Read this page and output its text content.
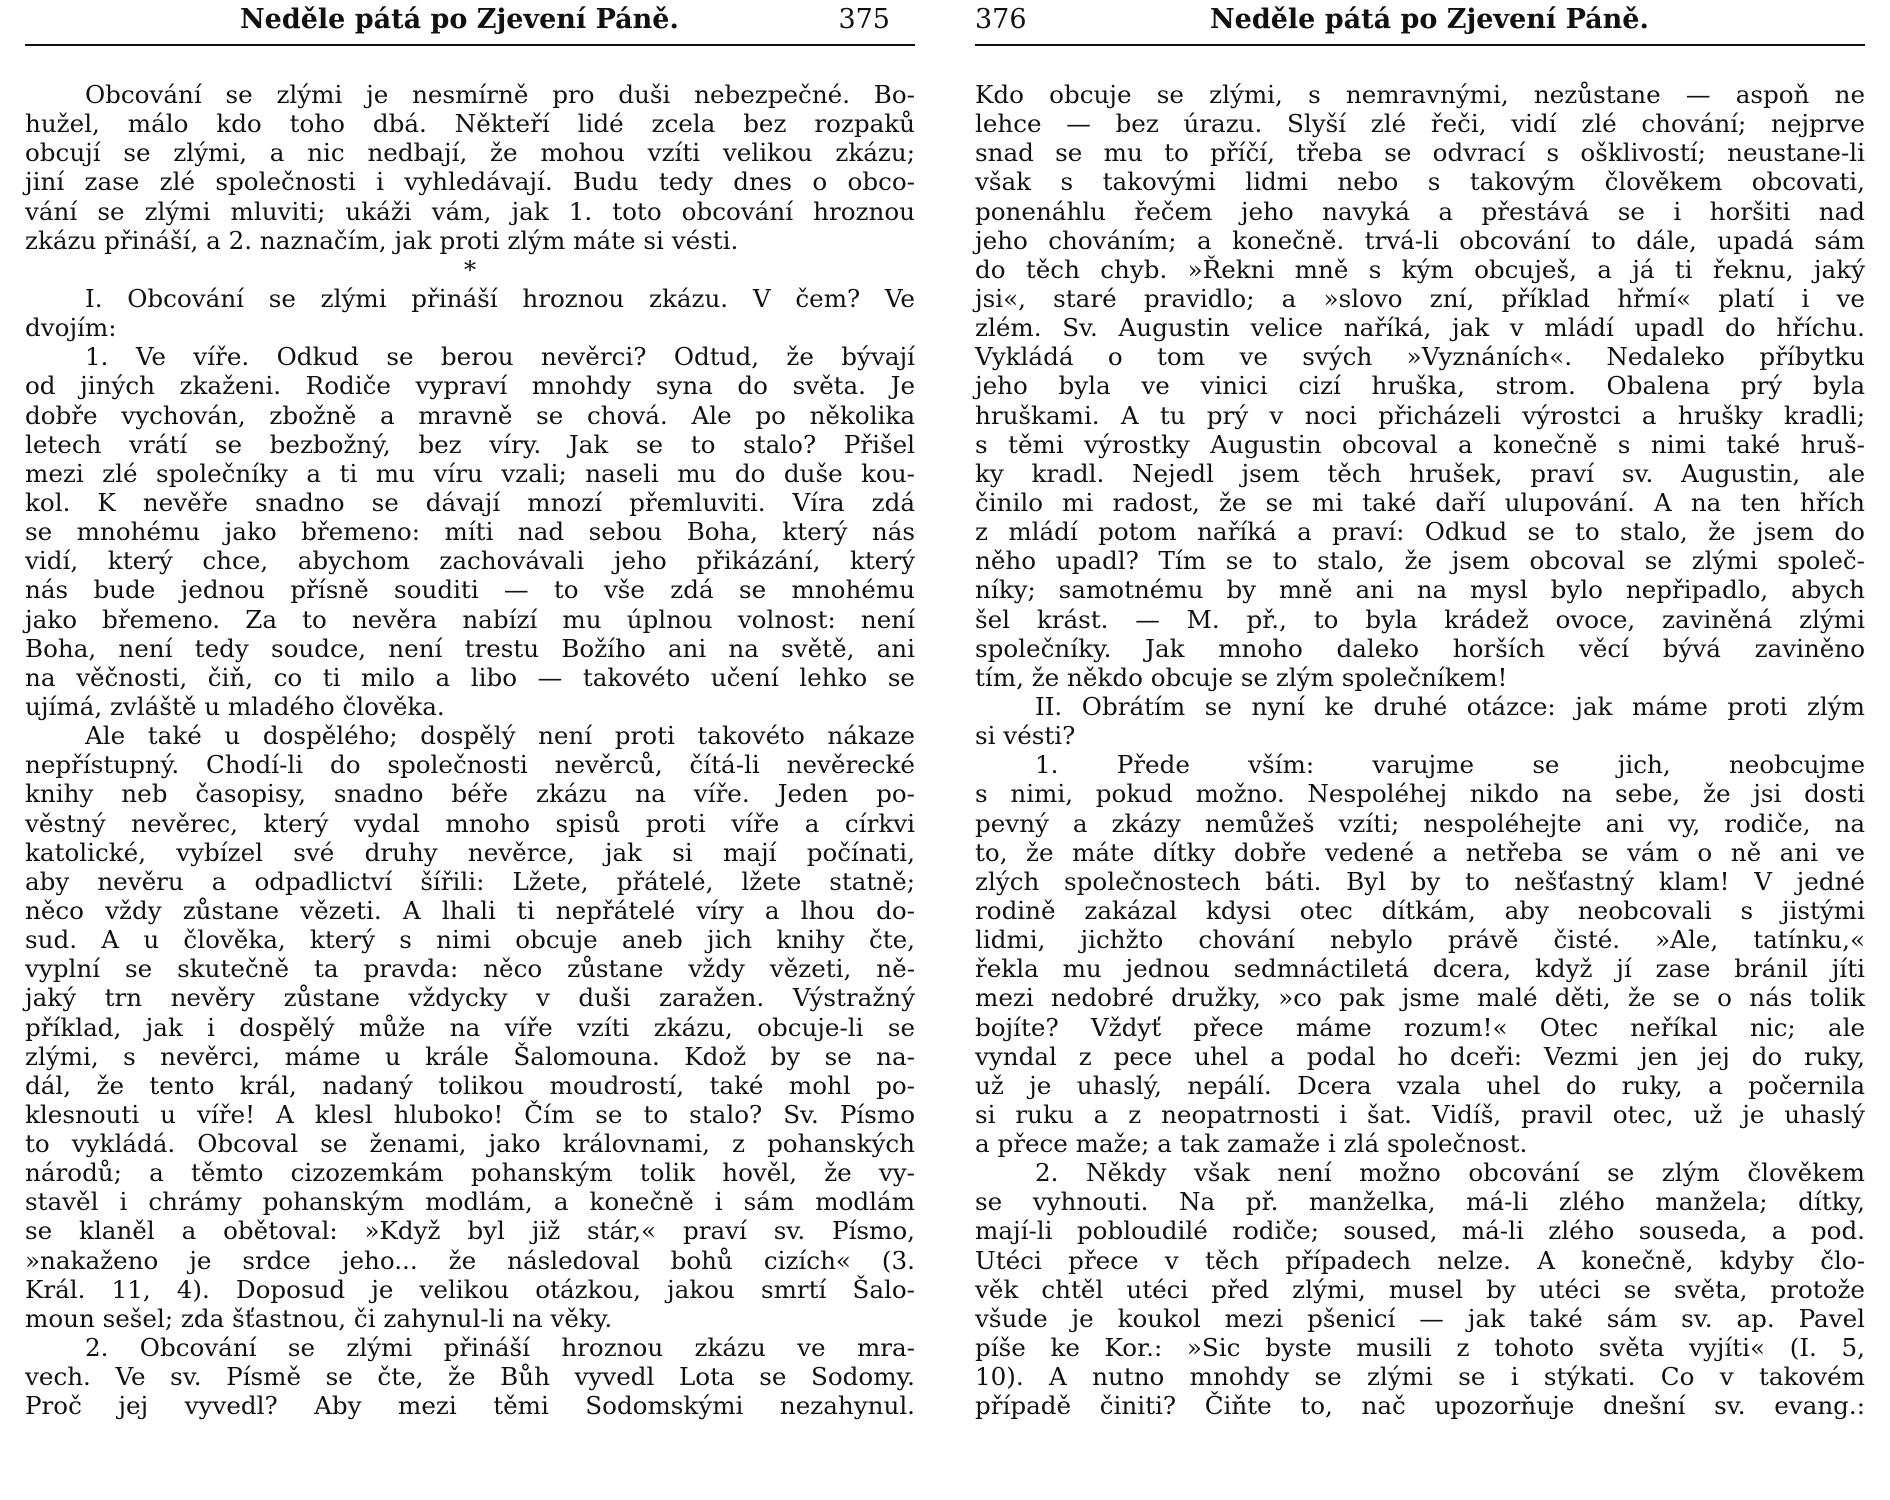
Neděle pátá po Zjevení Páně.	375
Obcování se zlými je nesmírně pro duši nebezpečné. Bo-
hužel, málo kdo toho dbá. Někteří lidé zcela bez rozpaků
obcují se zlými, a nic nedbají, že mohou vzíti velikou zkázu;
jiní zase zlé společnosti i vyhledávají. Budu tedy dnes o obco-
vání se zlými mluviti; ukáži vám, jak 1. toto obcování hroznou
zkázu přináší, a 2. naznačím, jak proti zlým máte si vésti.
*
I. Obcování se zlými přináší hroznou zkázu. V čem? Ve
dvojím:
1. Ve víře. Odkud se berou nevěrci? Odtud, že bývají
od jiných zkaženi. Rodiče vypraví mnohdy syna do světa. Je
dobře vychován, zbožně a mravně se chová. Ale po několika
letech vrátí se bezbožný, bez víry. Jak se to stalo? Přišel
mezi zlé společníky a ti mu víru vzali; naseli mu do duše kou-
kol. K nevěře snadno se dávají mnozí přemluviti. Víra zdá
se mnohému jako břemeno: míti nad sebou Boha, který nás
vidí, který chce, abychom zachovávali jeho přikázání, který
nás bude jednou přísně souditi — to vše zdá se mnohému
jako břemeno. Za to nevěra nabízí mu úplnou volnost: není
Boha, není tedy soudce, není trestu Božího ani na světě, ani
na věčnosti, čiň, co ti milo a libo — takovéto učení lehko se
ujímá, zvláště u mladého člověka.
Ale také u dospělého; dospělý není proti takovéto nákaze
nepřístupný. Chodí-li do společnosti nevěrců, čítá-li nevěrecké
knihy neb časopisy, snadno béře zkázu na víře. Jeden po-
věstný nevěrec, který vydal mnoho spisů proti víře a církvi
katolické, vybízel své druhy nevěrce, jak si mají počínati,
aby nevěru a odpadlictví šířili: Lžete, přátelé, lžete statně;
něco vždy zůstane vězeti. A lhali ti nepřátelé víry a lhou do-
sud. A u člověka, který s nimi obcuje aneb jich knihy čte,
vyplní se skutečně ta pravda: něco zůstane vždy vězeti, ně-
jaký trn nevěry zůstane vždycky v duši zaražen. Výstražný
příklad, jak i dospělý může na víře vzíti zkázu, obcuje-li se
zlými, s nevěrci, máme u krále Šalomouna. Kdož by se na-
dál, že tento král, nadaný tolikou moudrostí, také mohl po-
klesnouti u víře! A klesl hluboko! Čím se to stalo? Sv. Písmo
to vykládá. Obcoval se ženami, jako královnami, z pohanských
národů; a těmto cizozemkám pohanským tolik hověl, že vy-
stavěl i chrámy pohanským modlám, a konečně i sám modlám
se klaněl a obětoval: »Když byl již stár,« praví sv. Písmo,
»nakaženo je srdce jeho... že následoval bohů cizích« (3.
Král. 11, 4). Doposud je velikou otázkou, jakou smrtí Šalo-
moun sešel; zda šťastnou, či zahynul-li na věky.
2. Obcování se zlými přináší hroznou zkázu ve mra-
vech. Ve sv. Písmě se čte, že Bůh vyvedl Lota se Sodomy.
Proč jej vyvedl? Aby mezi těmi Sodomskými nezahynul.
376	Neděle pátá po Zjevení Páně.
Kdo obcuje se zlými, s nemravnými, nezůstane — aspoň ne
lehce — bez úrazu. Slyší zlé řeči, vidí zlé chování; nejprve
snad se mu to příčí, třeba se odvrací s ošklivostí; neustane-li
však s takovými lidmi nebo s takovým člověkem obcovati,
ponenáhlu řečem jeho navyká a přestává se i horšiti nad
jeho chováním; a konečně. trvá-li obcování to dále, upadá sám
do těch chyb. »Řekni mně s kým obcuješ, a já ti řeknu, jaký
jsi«, staré pravidlo; a »slovo zní, příklad hřmí« platí i ve
zlém. Sv. Augustin velice naříká, jak v mládí upadl do hříchu.
Vykládá o tom ve svých »Vyznáních«. Nedaleko příbytku
jeho byla ve vinici cizí hruška, strom. Obalena prý byla
hruškami. A tu prý v noci přicházeli výrostci a hrušky kradli;
s těmi výrostky Augustin obcoval a konečně s nimi také hruš-
ky kradl. Nejedl jsem těch hrušek, praví sv. Augustin, ale
činilo mi radost, že se mi také daří ulupování. A na ten hřích
z mládí potom naříká a praví: Odkud se to stalo, že jsem do
něho upadl? Tím se to stalo, že jsem obcoval se zlými společ-
níky; samotnému by mně ani na mysl bylo nepřipadlo, abych
šel krást. — M. př., to byla krádež ovoce, zaviněná zlými
společníky. Jak mnoho daleko horších věcí bývá zaviněno
tím, že někdo obcuje se zlým společníkem!
II. Obrátím se nyní ke druhé otázce: jak máme proti zlým
si vésti?
1. Přede vším: varujme se jich, neobcujme
s nimi, pokud možno. Nespoléhej nikdo na sebe, že jsi dosti
pevný a zkázy nemůžeš vzíti; nespoléhejte ani vy, rodiče, na
to, že máte dítky dobře vedené a netřeba se vám o ně ani ve
zlých společnostech báti. Byl by to nešťastný klam! V jedné
rodině zakázal kdysi otec dítkám, aby neobcovali s jistými
lidmi, jichžto chování nebylo právě čisté. »Ale, tatínku,«
řekla mu jednou sedmnáctiletá dcera, když jí zase bránil jíti
mezi nedobré družky, »co pak jsme malé děti, že se o nás tolik
bojíte? Vždyť přece máme rozum!« Otec neříkal nic; ale
vyndal z pece uhel a podal ho dceři: Vezmi jen jej do ruky,
už je uhaslý, nepálí. Dcera vzala uhel do ruky, a počernila
si ruku a z neopatrnosti i šat. Vidíš, pravil otec, už je uhaslý
a přece maže; a tak zamaže i zlá společnost.
2. Někdy však není možno obcování se zlým člověkem
se vyhnouti. Na př. manželka, má-li zlého manžela; dítky,
mají-li pobloudilé rodiče; soused, má-li zlého souseda, a pod.
Utéci přece v těch případech nelze. A konečně, kdyby člo-
věk chtěl utéci před zlými, musel by utéci se světa, protože
všude je koukol mezi pšenicí — jak také sám sv. ap. Pavel
píše ke Kor.: »Sic byste musili z tohoto světa vyjíti« (I. 5,
10). A nutno mnohdy se zlými se i stýkati. Co v takovém
případě činiti? Čiňte to, nač upozorňuje dnešní sv. evang.:
